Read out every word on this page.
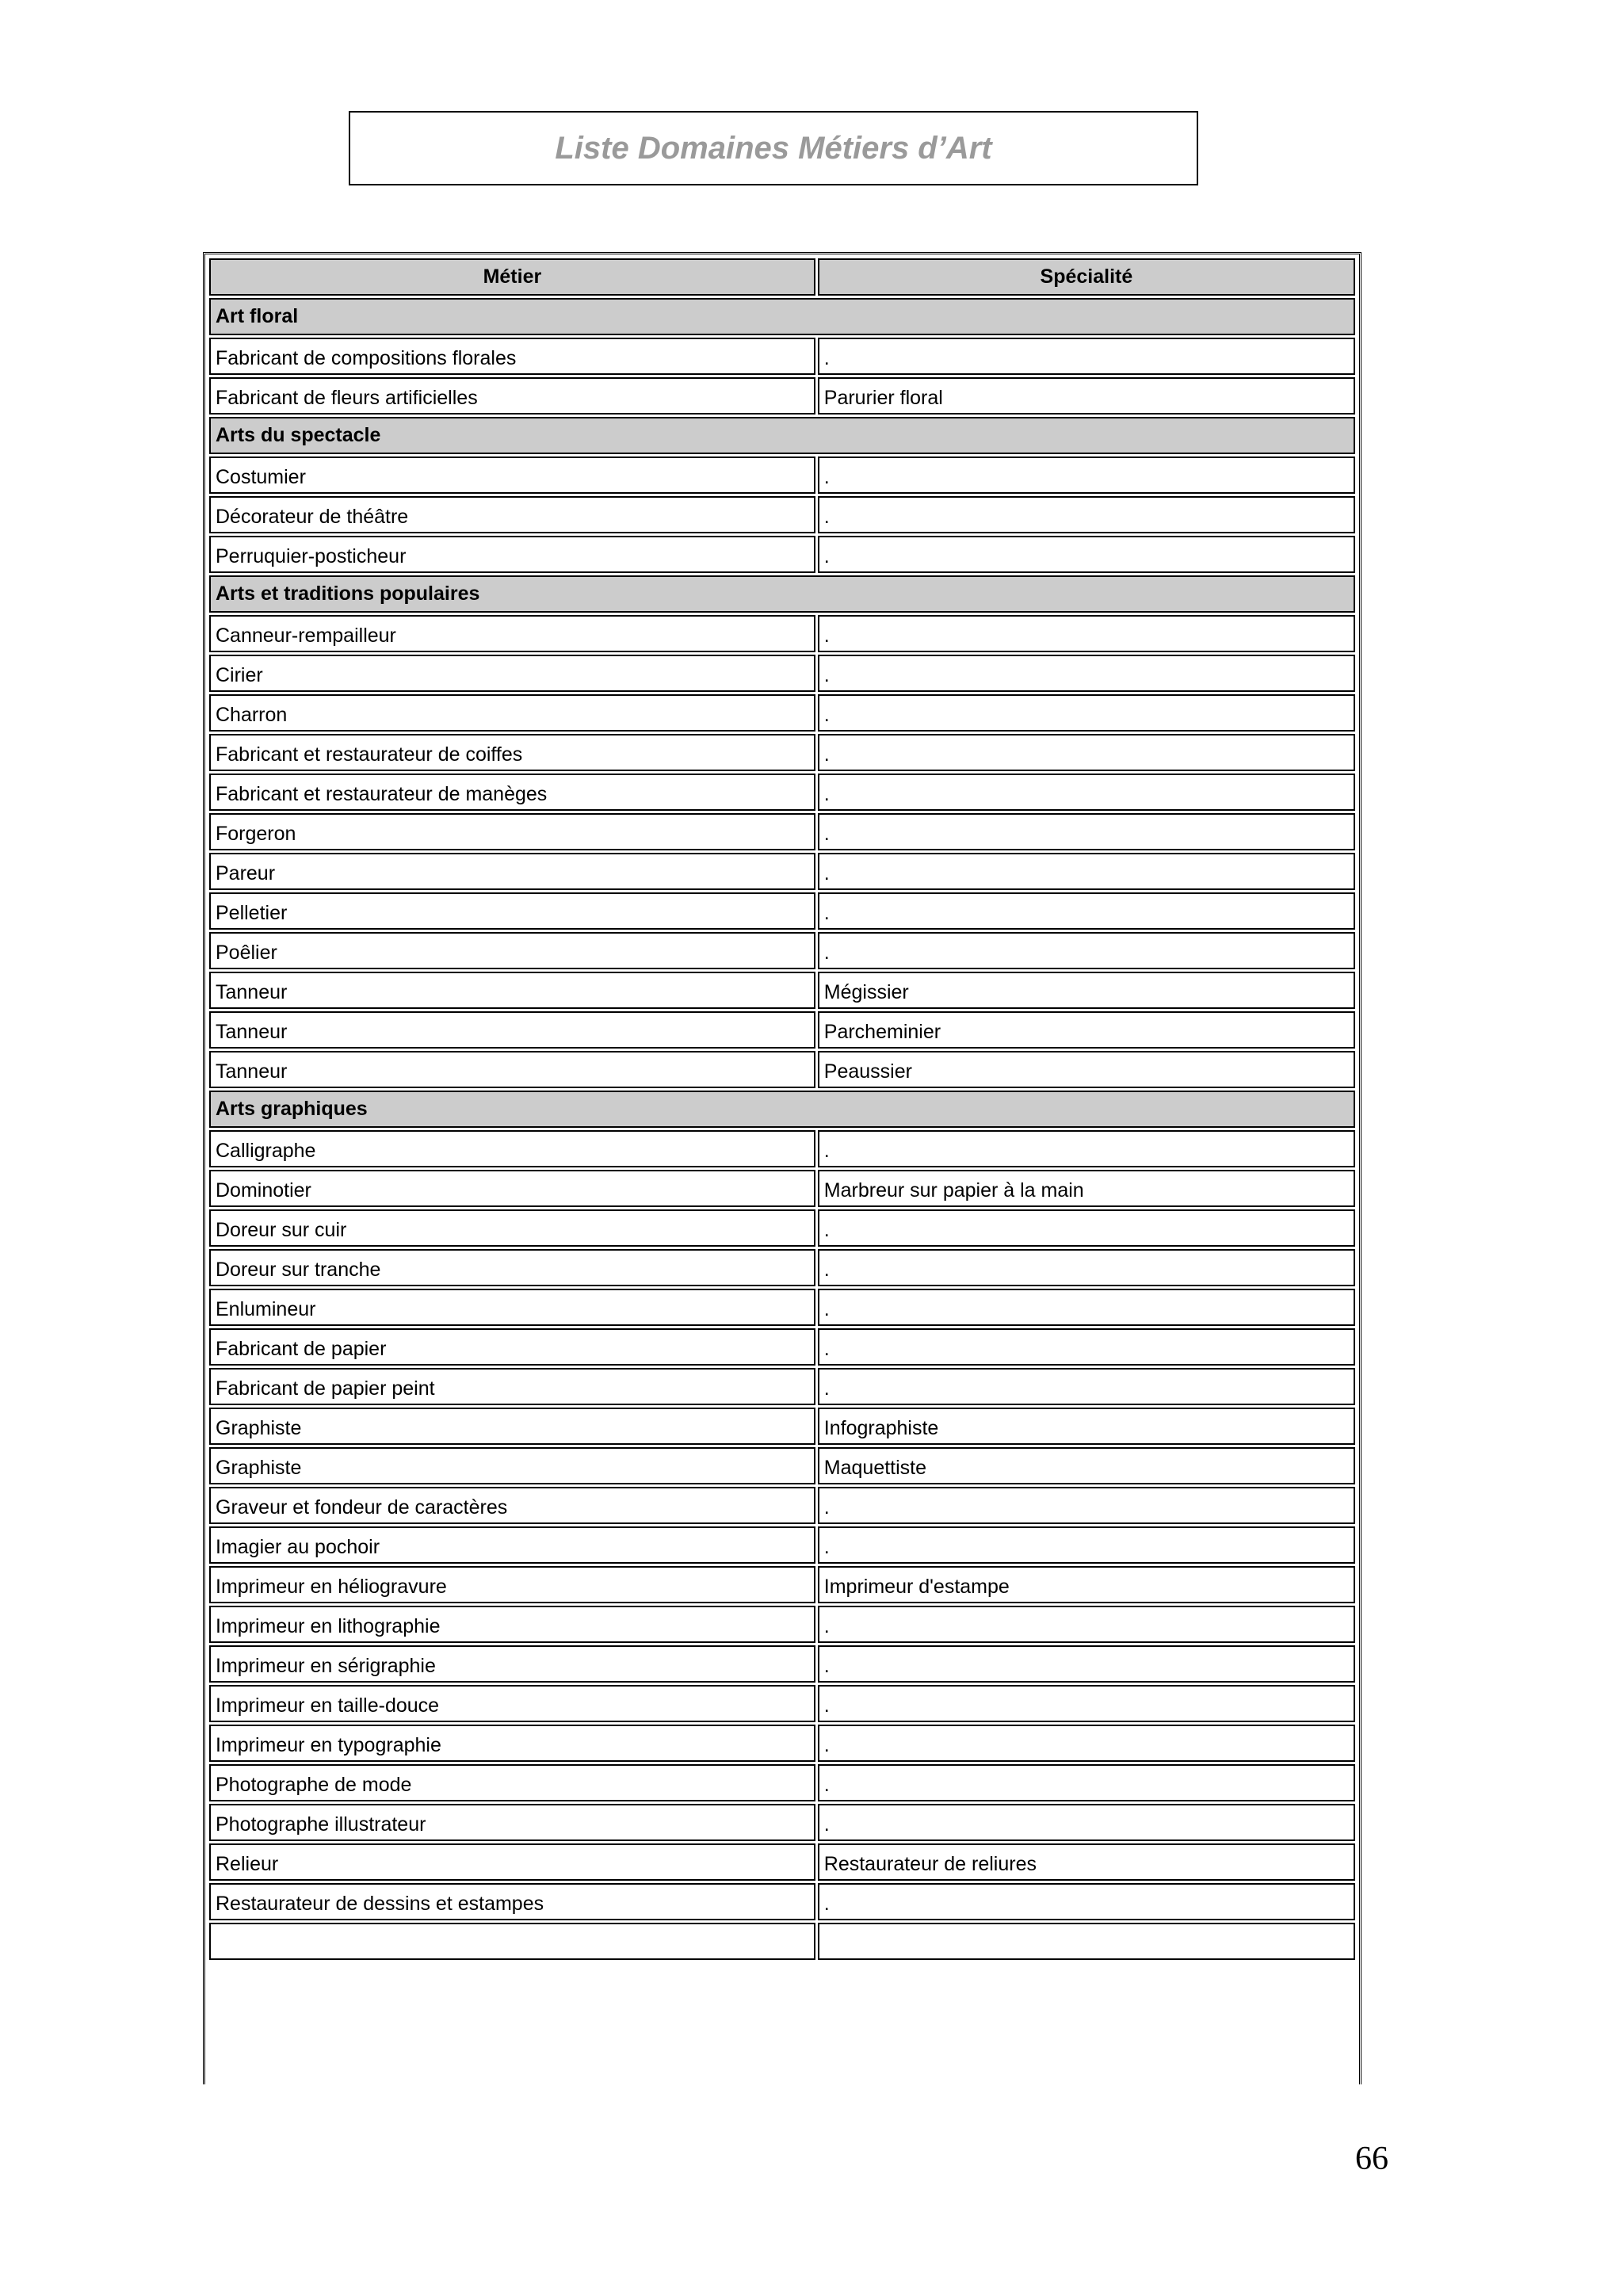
Liste Domaines Métiers d’Art
Métier	Spécialité
Art floral	
Fabricant de compositions florales	.
Fabricant de fleurs artificielles	Parurier floral
Arts du spectacle	
Costumier	.
Décorateur de théâtre	.
Perruquier-posticheur	.
Arts et traditions populaires	
Canneur-rempailleur	.
Cirier	.
Charron	.
Fabricant et restaurateur de coiffes	.
Fabricant et restaurateur de manèges	.
Forgeron	.
Pareur	.
Pelletier	.
Poêlier	.
Tanneur	Mégissier
Tanneur	Parcheminier
Tanneur	Peaussier
Arts graphiques	
Calligraphe	.
Dominotier	Marbreur sur papier à la main
Doreur sur cuir	.
Doreur sur tranche	.
Enlumineur	.
Fabricant de papier	.
Fabricant de papier peint	.
Graphiste	Infographiste
Graphiste	Maquettiste
Graveur et fondeur de caractères	.
Imagier au pochoir	.
Imprimeur en héliogravure	Imprimeur d'estampe
Imprimeur en lithographie	.
Imprimeur en sérigraphie	.
Imprimeur en taille-douce	.
Imprimeur en typographie	.
Photographe de mode	.
Photographe illustrateur	.
Relieur	Restaurateur de reliures
Restaurateur de dessins et estampes	.

66
